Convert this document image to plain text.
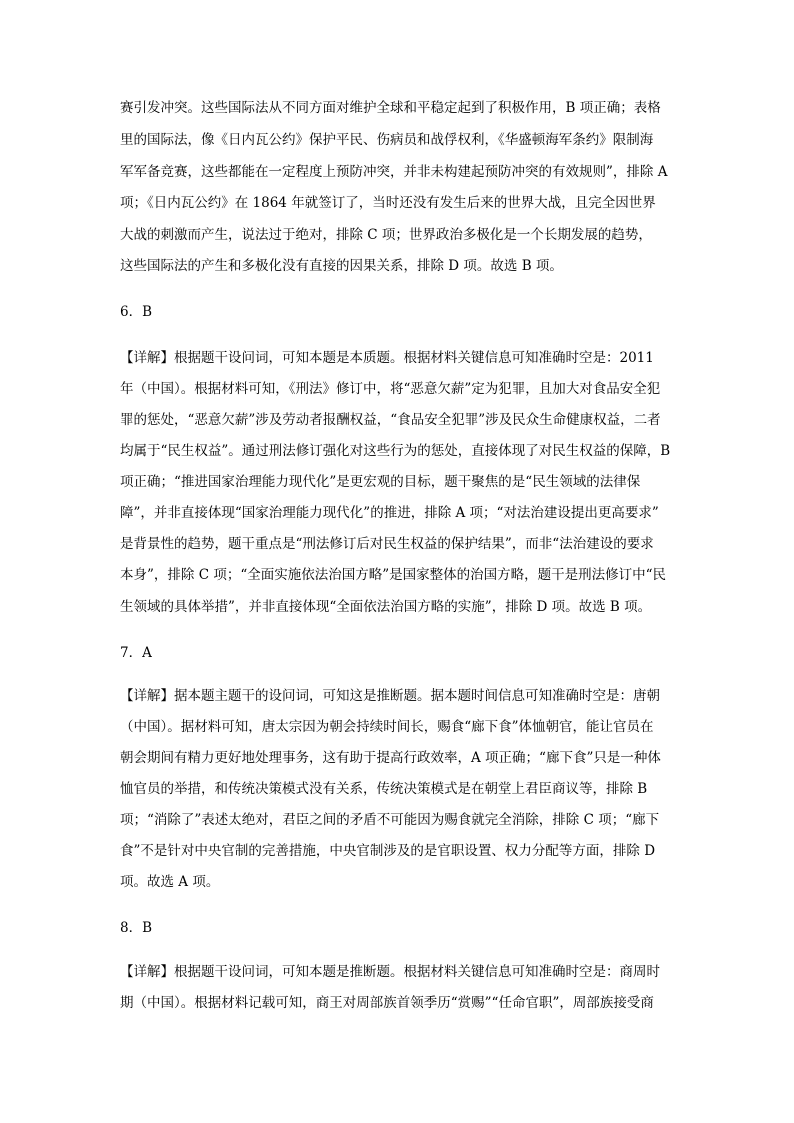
赛引发冲突。这些国际法从不同方面对维护全球和平稳定起到了积极作用，B 项正确；表格
里的国际法，像《日内瓦公约》保护平民、伤病员和战俘权利，《华盛顿海军条约》限制海
军军备竞赛，这些都能在一定程度上预防冲突，并非未构建起预防冲突的有效规则”，排除 A
项；《日内瓦公约》在 1864 年就签订了，当时还没有发生后来的世界大战，且完全因世界
大战的刺激而产生，说法过于绝对，排除 C 项；世界政治多极化是一个长期发展的趋势，
这些国际法的产生和多极化没有直接的因果关系，排除 D 项。故选 B 项。
6．B
【详解】根据题干设问词，可知本题是本质题。根据材料关键信息可知准确时空是：2011
年（中国）。根据材料可知，《刑法》修订中，将“恶意欠薪”定为犯罪，且加大对食品安全犯
罪的惩处，“恶意欠薪”涉及劳动者报酬权益，“食品安全犯罪”涉及民众生命健康权益，二者
均属于“民生权益”。通过刑法修订强化对这些行为的惩处，直接体现了对民生权益的保障，B
项正确；“推进国家治理能力现代化”是更宏观的目标，题干聚焦的是“民生领域的法律保
障”，并非直接体现“国家治理能力现代化”的推进，排除 A 项；“对法治建设提出更高要求”
是背景性的趋势，题干重点是“刑法修订后对民生权益的保护结果”，而非“法治建设的要求
本身”，排除 C 项；“全面实施依法治国方略”是国家整体的治国方略，题干是刑法修订中“民
生领域的具体举措”，并非直接体现“全面依法治国方略的实施”，排除 D 项。故选 B 项。
7．A
【详解】据本题主题干的设问词，可知这是推断题。据本题时间信息可知准确时空是：唐朝
（中国）。据材料可知，唐太宗因为朝会持续时间长，赐食“廊下食”体恤朝官，能让官员在
朝会期间有精力更好地处理事务，这有助于提高行政效率，A 项正确；“廊下食”只是一种体
恤官员的举措，和传统决策模式没有关系，传统决策模式是在朝堂上君臣商议等，排除 B
项；“消除了”表述太绝对，君臣之间的矛盾不可能因为赐食就完全消除，排除 C 项；“廊下
食”不是针对中央官制的完善措施，中央官制涉及的是官职设置、权力分配等方面，排除 D
项。故选 A 项。
8．B
【详解】根据题干设问词，可知本题是推断题。根据材料关键信息可知准确时空是：商周时
期（中国）。根据材料记载可知，商王对周部族首领季历“赏赐”“任命官职”，周部族接受商
